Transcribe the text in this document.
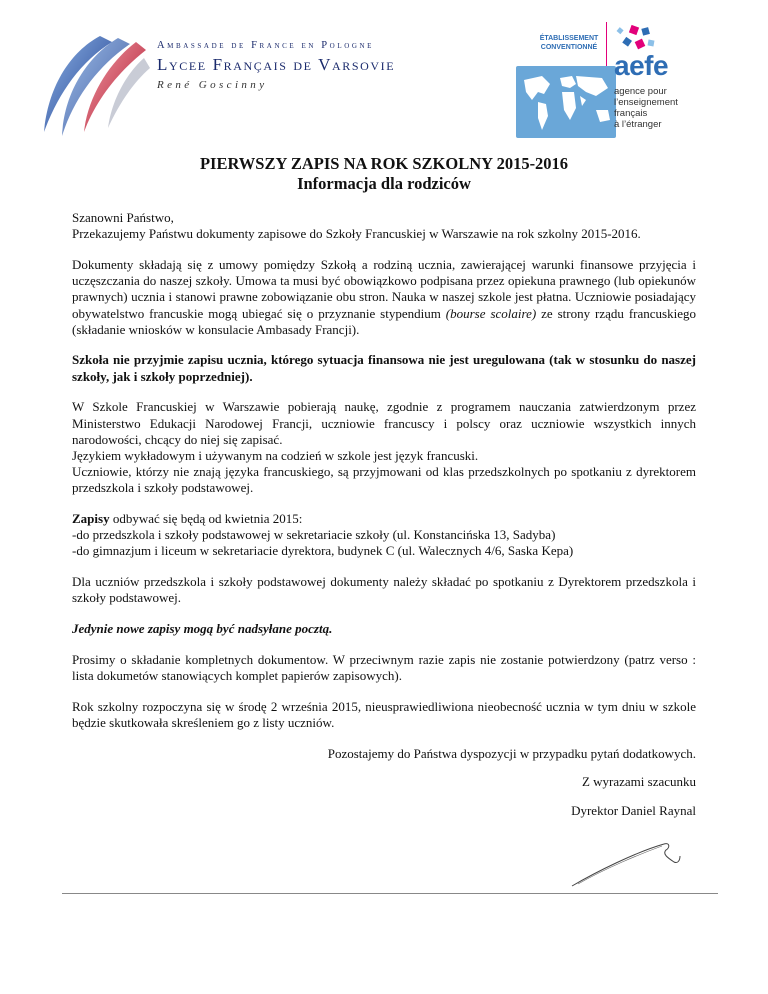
Ambassade de France en Pologne
Lycee Français de Varsovie
René Goscinny
ÉTABLISSEMENT
CONVENTIONNÉ
aefe
agence pour
l’enseignement
français
à l’étranger
PIERWSZY ZAPIS NA ROK SZKOLNY 2015-2016
Informacja dla rodziców

Szanowni Państwo,
Przekazujemy Państwu dokumenty zapisowe do Szkoły Francuskiej w Warszawie na rok szkolny 2015-2016.

Dokumenty składają się z umowy pomiędzy Szkołą a rodziną ucznia, zawierającej warunki finansowe przyjęcia i uczęszczania do naszej szkoły. Umowa ta musi być obowiązkowo podpisana przez opiekuna prawnego (lub opiekunów prawnych) ucznia i stanowi prawne zobowiązanie obu stron. Nauka w naszej szkole jest płatna. Uczniowie posiadający obywatelstwo francuskie mogą ubiegać się o przyznanie stypendium (bourse scolaire) ze strony rządu francuskiego (składanie wniosków w konsulacie Ambasady Francji).

Szkoła nie przyjmie zapisu ucznia, którego sytuacja finansowa nie jest uregulowana (tak w stosunku do naszej szkoły, jak i szkoły poprzedniej).

W Szkole Francuskiej w Warszawie pobierają naukę, zgodnie z programem nauczania zatwierdzonym przez Ministerstwo Edukacji Narodowej Francji, uczniowie francuscy i polscy oraz uczniowie wszystkich innych narodowości, chcący do niej się zapisać.
Językiem wykładowym i używanym na codzień w szkole jest język francuski.
Uczniowie, którzy nie znają języka francuskiego, są przyjmowani od klas przedszkolnych po spotkaniu z dyrektorem przedszkola i szkoły podstawowej.

Zapisy odbywać się będą od kwietnia 2015:
-do przedszkola i szkoły podstawowej w sekretariacie szkoły (ul. Konstancińska 13, Sadyba)
-do gimnazjum i liceum w sekretariacie dyrektora, budynek C (ul. Walecznych 4/6, Saska Kepa)

Dla uczniów przedszkola i szkoły podstawowej dokumenty należy składać po spotkaniu z Dyrektorem przedszkola i szkoły podstawowej.

Jedynie nowe zapisy mogą być nadsyłane pocztą.

Prosimy o składanie kompletnych dokumentow. W przeciwnym razie zapis nie zostanie potwierdzony (patrz verso : lista dokumetów stanowiących komplet papierów zapisowych).

Rok szkolny rozpoczyna się w środę 2 września 2015, nieusprawiedliwiona nieobecność ucznia w tym dniu w szkole będzie skutkowała skreśleniem go z listy uczniów.

Pozostajemy do Państwa dyspozycji w przypadku pytań dodatkowych.

Z wyrazami szacunku

Dyrektor Daniel Raynal
